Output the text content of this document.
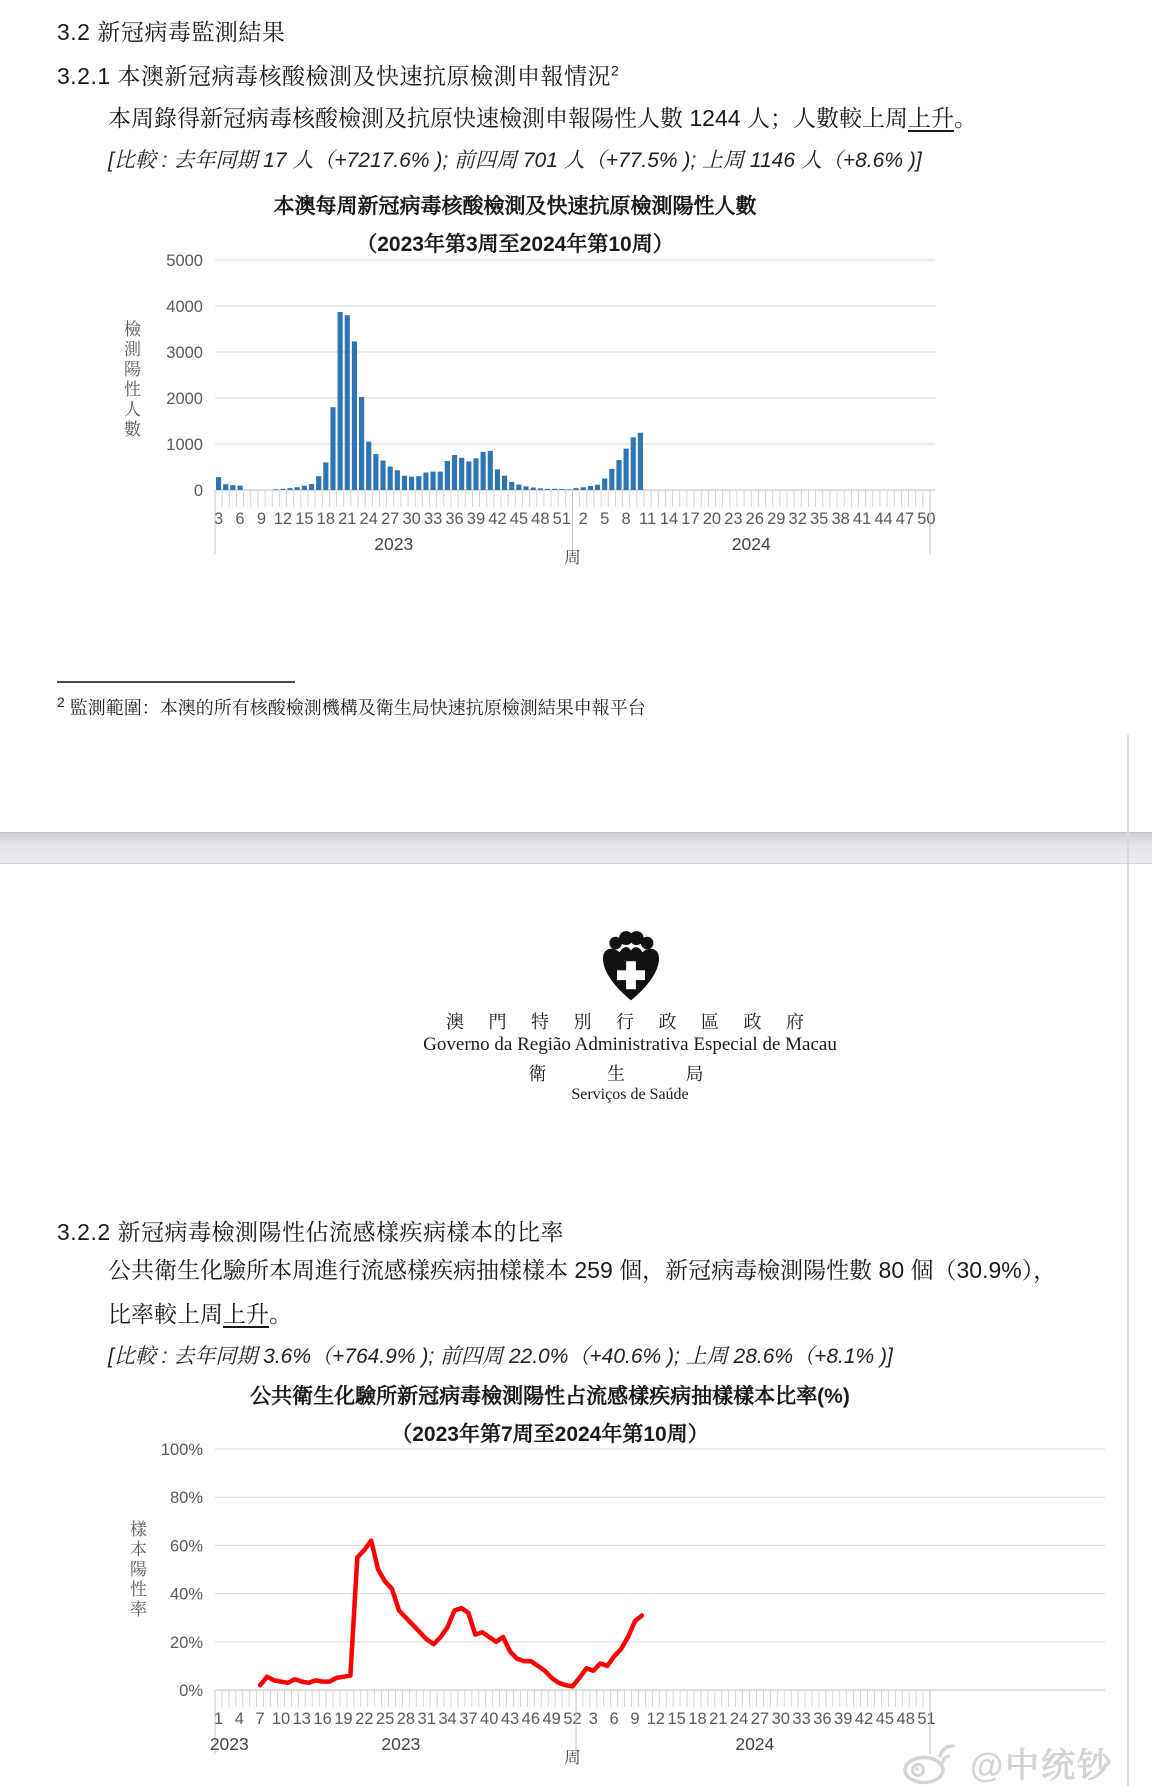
3.2 新冠病毒監測結果
3.2.1 本澳新冠病毒核酸檢測及快速抗原檢測申報情況$^2$
本周錄得新冠病毒核酸檢測及抗原快速檢測申報陽性人數 1244 人；人數較上周上升。
[比較 : 去年同期 17 人（+7217.6% ); 前四周 701 人（+77.5% ); 上周 1146 人（+8.6% )]
本澳每周新冠病毒核酸檢測及快速抗原檢測陽性人數
（2023年第3周至2024年第10周）
檢測陽性人數
0
1000
2000
3000
4000
5000
3 6 9 12 15 18 21 24 27 30 33 36 39 42 45 48 51 2 5 8 11 14 17 20 23 26 29 32 35 38 41 44 47 50
2023	2024
周
$^2$ 監測範圍：本澳的所有核酸檢測機構及衛生局快速抗原檢測結果申報平台
澳 門 特 別 行 政 區 政 府
Governo da Região Administrativa Especial de Macau
衛 生 局
Serviços de Saúde
3.2.2 新冠病毒檢測陽性佔流感樣疾病樣本的比率
公共衛生化驗所本周進行流感樣疾病抽樣樣本 259 個，新冠病毒檢測陽性數 80 個（30.9%），
比率較上周上升。
[比較 : 去年同期 3.6%（+764.9% ); 前四周 22.0%（+40.6% ); 上周 28.6%（+8.1% )]
公共衛生化驗所新冠病毒檢測陽性占流感樣疾病抽樣樣本比率(%)
（2023年第7周至2024年第10周）
樣本陽性率
0%
20%
40%
60%
80%
100%
1 4 7 10 13 16 19 22 25 28 31 34 37 40 43 46 49 52 3 6 9 12 15 18 21 24 27 30 33 36 39 42 45 48 51
2023	2023	2024
周	@中统钞
